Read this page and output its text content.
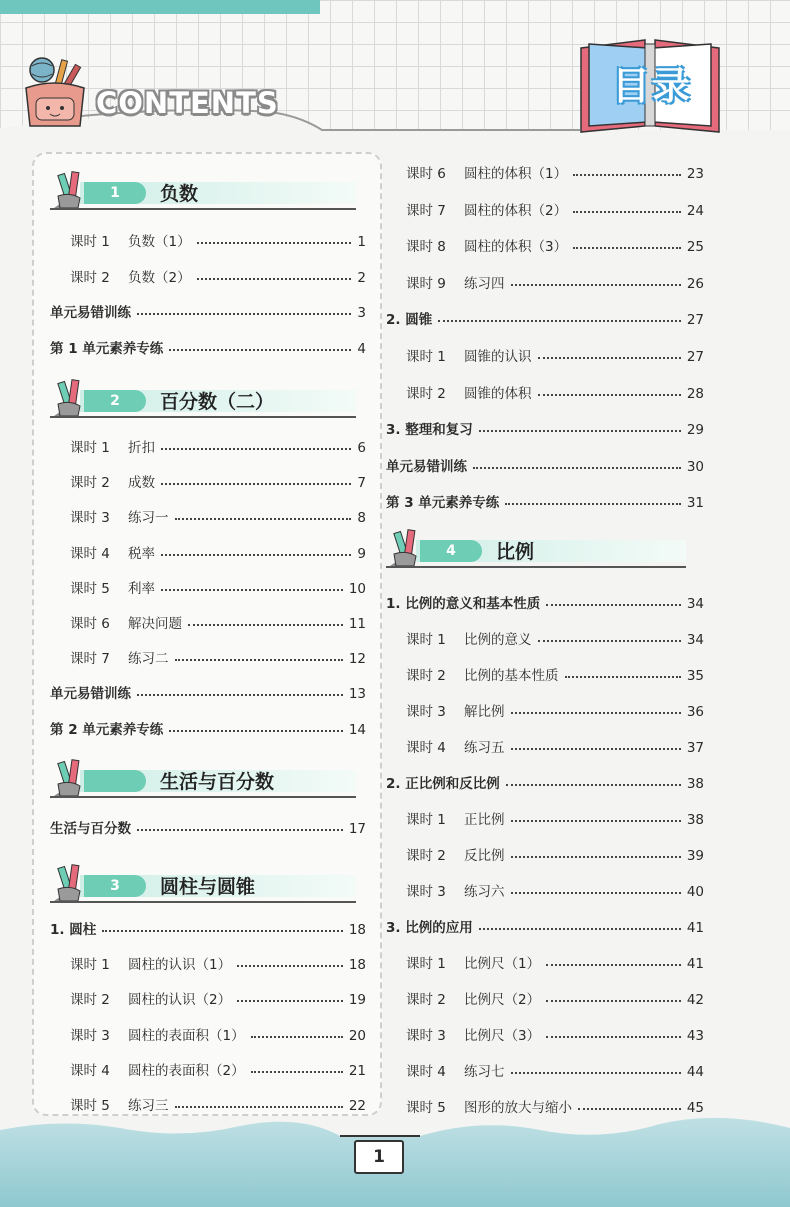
CONTENTS	目录
1	负数
课时 1	负数（1）	1
课时 2	负数（2）	2
单元易错训练	3
第 1 单元素养专练	4
2	百分数（二）
课时 1	折扣	6
课时 2	成数	7
课时 3	练习一	8
课时 4	税率	9
课时 5	利率	10
课时 6	解决问题	11
课时 7	练习二	12
单元易错训练	13
第 2 单元素养专练	14
生活与百分数
生活与百分数	17
3	圆柱与圆锥
1. 圆柱	18
课时 1	圆柱的认识（1）	18
课时 2	圆柱的认识（2）	19
课时 3	圆柱的表面积（1）	20
课时 4	圆柱的表面积（2）	21
课时 5	练习三	22
课时 6	圆柱的体积（1）	23
课时 7	圆柱的体积（2）	24
课时 8	圆柱的体积（3）	25
课时 9	练习四	26
2. 圆锥	27
课时 1	圆锥的认识	27
课时 2	圆锥的体积	28
3. 整理和复习	29
单元易错训练	30
第 3 单元素养专练	31
4	比例
1. 比例的意义和基本性质	34
课时 1	比例的意义	34
课时 2	比例的基本性质	35
课时 3	解比例	36
课时 4	练习五	37
2. 正比例和反比例	38
课时 1	正比例	38
课时 2	反比例	39
课时 3	练习六	40
3. 比例的应用	41
课时 1	比例尺（1）	41
课时 2	比例尺（2）	42
课时 3	比例尺（3）	43
课时 4	练习七	44
课时 5	图形的放大与缩小	45
1
